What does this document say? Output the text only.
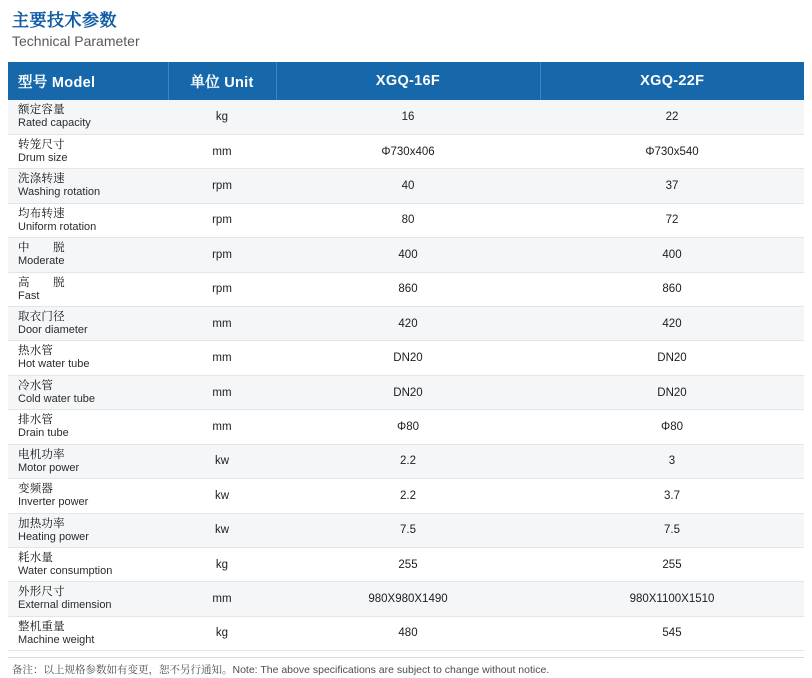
主要技术参数
Technical Parameter
型号 Model	单位 Unit	XGQ-16F	XGQ-22F

额定容量
Rated capacity	kg	16	22

转笼尺寸
Drum size	mm	Φ730x406	Φ730x540

洗涤转速
Washing rotation	rpm	40	37

均布转速
Uniform rotation	rpm	80	72

中　　脱
Moderate	rpm	400	400

高　　脱
Fast	rpm	860	860

取衣门径
Door diameter	mm	420	420

热水管
Hot water tube	mm	DN20	DN20

冷水管
Cold water tube	mm	DN20	DN20

排水管
Drain tube	mm	Φ80	Φ80

电机功率
Motor power	kw	2.2	3

变频器
Inverter power	kw	2.2	3.7

加热功率
Heating power	kw	7.5	7.5

耗水量
Water consumption	kg	255	255

外形尺寸
External dimension	mm	980X980X1490	980X1100X1510

整机重量
Machine weight	kg	480	545
备注：以上规格参数如有变更，恕不另行通知。Note: The above specifications are subject to change without notice.
